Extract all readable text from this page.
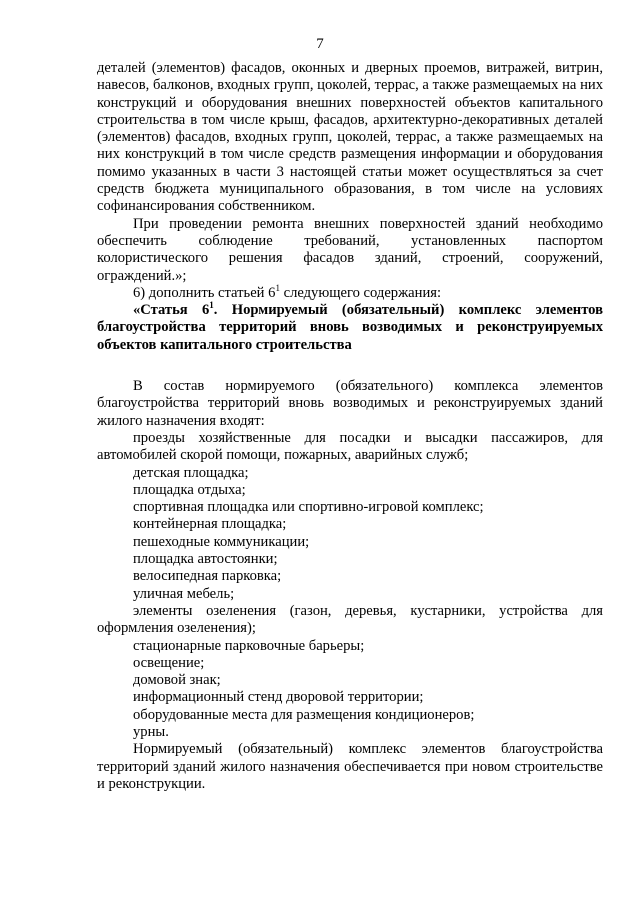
7

деталей (элементов) фасадов, оконных и дверных проемов, витражей, витрин, навесов, балконов, входных групп, цоколей, террас, а также размещаемых на них конструкций и оборудования внешних поверхностей объектов капитального строительства в том числе крыш, фасадов, архитектурно-декоративных деталей (элементов) фасадов, входных групп, цоколей, террас, а также размещаемых на них конструкций в том числе средств размещения информации и оборудования помимо указанных в части 3 настоящей статьи может осуществляться за счет средств бюджета муниципального образования, в том числе на условиях софинансирования собственником.

При проведении ремонта внешних поверхностей зданий необходимо обеспечить соблюдение требований, установленных паспортом колористического решения фасадов зданий, строений, сооружений, ограждений.»;

6) дополнить статьей $6^1$ следующего содержания:

«Статья $6^1$. Нормируемый (обязательный) комплекс элементов благоустройства территорий вновь возводимых и реконструируемых объектов капитального строительства

В состав нормируемого (обязательного) комплекса элементов благоустройства территорий вновь возводимых и реконструируемых зданий жилого назначения входят:

проезды хозяйственные для посадки и высадки пассажиров, для автомобилей скорой помощи, пожарных, аварийных служб;

детская площадка;

площадка отдыха;

спортивная площадка или спортивно-игровой комплекс;

контейнерная площадка;

пешеходные коммуникации;

площадка автостоянки;

велосипедная парковка;

уличная мебель;

элементы озеленения (газон, деревья, кустарники, устройства для оформления озеленения);

стационарные парковочные барьеры;

освещение;

домовой знак;

информационный стенд дворовой территории;

оборудованные места для размещения кондиционеров;

урны.

Нормируемый (обязательный) комплекс элементов благоустройства территорий зданий жилого назначения обеспечивается при новом строительстве и реконструкции.
